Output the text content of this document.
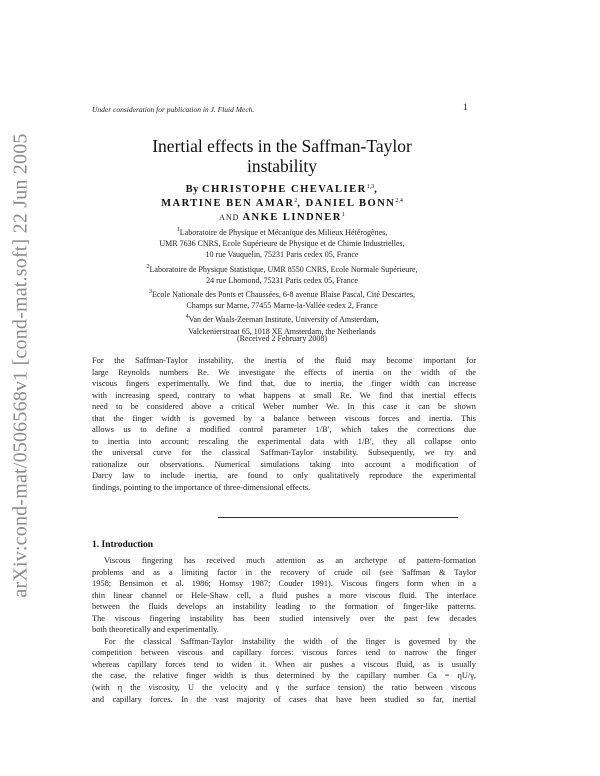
arXiv:cond-mat/0506568v1 [cond-mat.soft] 22 Jun 2005
Under consideration for publication in J. Fluid Mech.	1
Inertial effects in the Saffman-Taylor
instability
By CHRISTOPHE CHEVALIER$^{1,3}$,
MARTINE BEN AMAR$^2$, DANIEL BONN$^{2,4}$
AND ANKE LINDNER$^1$
$^1$Laboratoire de Physique et Mécanique des Milieux Hétérogènes,
UMR 7636 CNRS, Ecole Supérieure de Physique et de Chimie Industrielles,
10 rue Vauquelin, 75231 Paris cedex 05, France
$^2$Laboratoire de Physique Statistique, UMR 8550 CNRS, Ecole Normale Supérieure,
24 rue Lhomond, 75231 Paris cedex 05, France
$^3$Ecole Nationale des Ponts et Chaussées, 6-8 avenue Blaise Pascal, Cité Descartes,
Champs sur Marne, 77455 Marne-la-Vallée cedex 2, France
$^4$Van der Waals-Zeeman Institute, University of Amsterdam,
Valckenierstraat 65, 1018 XE Amsterdam, the Netherlands
(Received 2 February 2008)
For the Saffman-Taylor instability, the inertia of the fluid may become important for
large Reynolds numbers Re. We investigate the effects of inertia on the width of the
viscous fingers experimentally. We find that, due to inertia, the finger width can increase
with increasing speed, contrary to what happens at small Re. We find that inertial effects
need to be considered above a critical Weber number We. In this case it can be shown
that the finger width is governed by a balance between viscous forces and inertia. This
allows us to define a modified control parameter 1/B′, which takes the corrections due
to inertia into account; rescaling the experimental data with 1/B′, they all collapse onto
the universal curve for the classical Saffman-Taylor instability. Subsequently, we try and
rationalize our observations. Numerical simulations taking into account a modification of
Darcy law to include inertia, are found to only qualitatively reproduce the experimental
findings, pointing to the importance of three-dimensional effects.
1. Introduction
Viscous fingering has received much attention as an archetype of pattern-formation
problems and as a limiting factor in the recovery of crude oil (see Saffman & Taylor
1958; Bensimon et al. 1986; Homsy 1987; Couder 1991). Viscous fingers form when in a
thin linear channel or Hele-Shaw cell, a fluid pushes a more viscous fluid. The interface
between the fluids develops an instability leading to the formation of finger-like patterns.
The viscous fingering instability has been studied intensively over the past few decades
both theoretically and experimentally.
For the classical Saffman-Taylor instability the width of the finger is governed by the
competition between viscous and capillary forces: viscous forces tend to narrow the finger
whereas capillary forces tend to widen it. When air pushes a viscous fluid, as is usually
the case, the relative finger width is thus determined by the capillary number Ca = ηU/γ,
(with η the viscosity, U the velocity and γ the surface tension) the ratio between viscous
and capillary forces. In the vast majority of cases that have been studied so far, inertial
